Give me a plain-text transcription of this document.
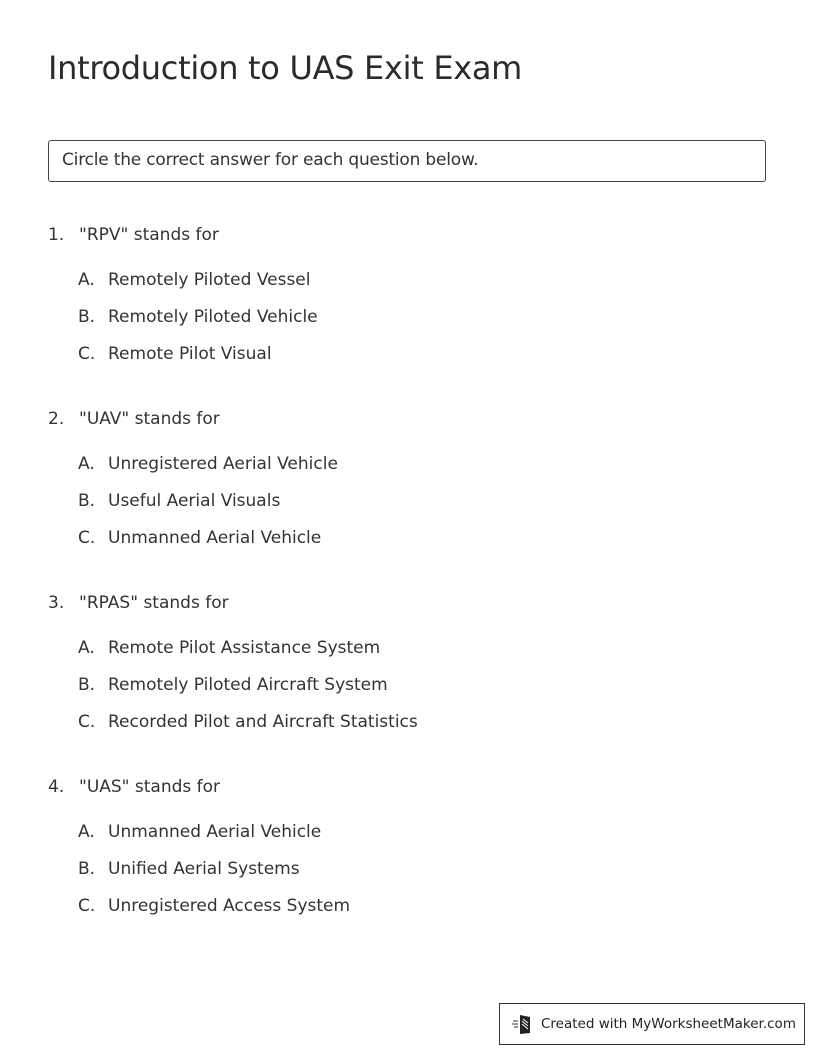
Introduction to UAS Exit Exam
Circle the correct answer for each question below.
1. "RPV" stands for
A. Remotely Piloted Vessel
B. Remotely Piloted Vehicle
C. Remote Pilot Visual
2. "UAV" stands for
A. Unregistered Aerial Vehicle
B. Useful Aerial Visuals
C. Unmanned Aerial Vehicle
3. "RPAS" stands for
A. Remote Pilot Assistance System
B. Remotely Piloted Aircraft System
C. Recorded Pilot and Aircraft Statistics
4. "UAS" stands for
A. Unmanned Aerial Vehicle
B. Unified Aerial Systems
C. Unregistered Access System
Created with MyWorksheetMaker.com
